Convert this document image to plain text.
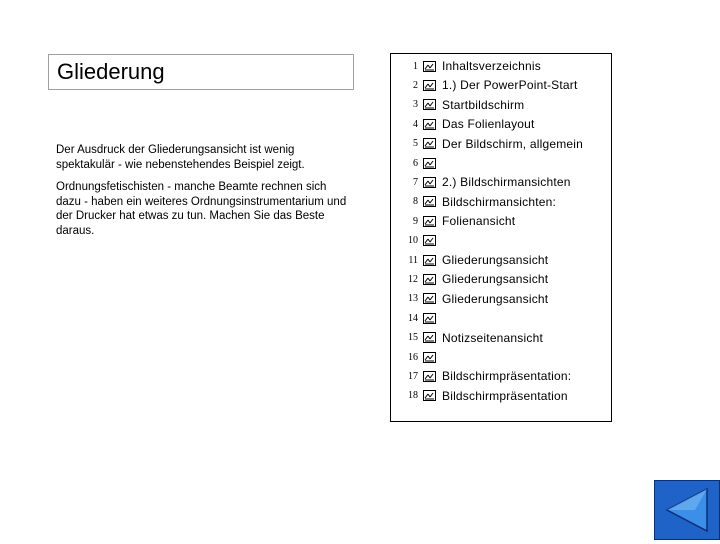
Gliederung

Der Ausdruck der Gliederungsansicht ist wenig spektakulär - wie nebenstehendes Beispiel zeigt.

Ordnungsfetischisten - manche Beamte rechnen sich dazu - haben ein weiteres Ordnungsinstrumentarium und der Drucker hat etwas zu tun. Machen Sie das Beste daraus.

1 Inhaltsverzeichnis
2 1.) Der PowerPoint-Start
3 Startbildschirm
4 Das Folienlayout
5 Der Bildschirm, allgemein
6
7 2.) Bildschirmansichten
8 Bildschirmansichten:
9 Folienansicht
10
11 Gliederungsansicht
12 Gliederungsansicht
13 Gliederungsansicht
14
15 Notizseitenansicht
16
17 Bildschirmpräsentation:
18 Bildschirmpräsentation
